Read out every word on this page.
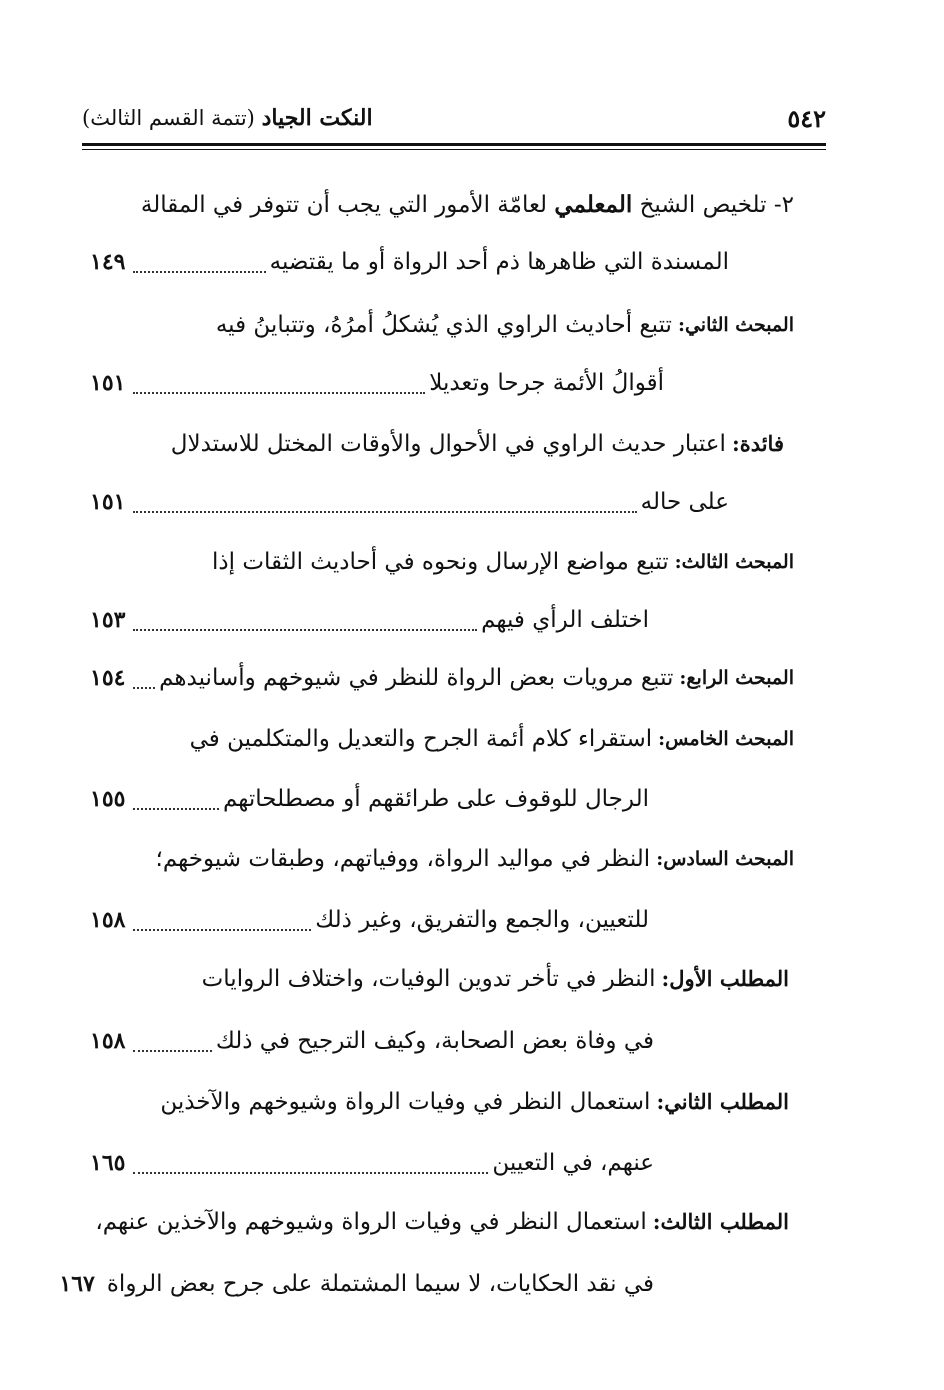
٥٤٢
النكت الجياد (تتمة القسم الثالث)
٢- تلخيص الشيخ

المعلمي

لعامّة الأمور التي يجب أن تتوفر في المقالة
المسندة التي ظاهرها ذم أحد الرواة أو ما يقتضيه
١٤٩
المبحث الثاني:
تتبع أحاديث الراوي الذي يُشكلُ أمرُهُ، وتتباينُ فيه
أقوالُ الأئمة جرحا وتعديلا
١٥١
فائدة:
اعتبار حديث الراوي في الأحوال والأوقات المختل للاستدلال
على حاله
١٥١
المبحث الثالث:
تتبع مواضع الإرسال ونحوه في أحاديث الثقات إذا
اختلف الرأي فيهم
١٥٣
المبحث الرابع:
تتبع مرويات بعض الرواة للنظر في شيوخهم وأسانيدهم
١٥٤
المبحث الخامس:
استقراء كلام أئمة الجرح والتعديل والمتكلمين في
الرجال للوقوف على طرائقهم أو مصطلحاتهم
١٥٥
المبحث السادس:
النظر في مواليد الرواة، ووفياتهم، وطبقات شيوخهم؛
للتعيين، والجمع والتفريق، وغير ذلك
١٥٨
المطلب الأول:
النظر في تأخر تدوين الوفيات، واختلاف الروايات
في وفاة بعض الصحابة، وكيف الترجيح في ذلك
١٥٨
المطلب الثاني:
استعمال النظر في وفيات الرواة وشيوخهم والآخذين
عنهم، في التعيين
١٦٥
المطلب الثالث:
استعمال النظر في وفيات الرواة وشيوخهم والآخذين عنهم،
في نقد الحكايات، لا سيما المشتملة على جرح بعض الرواة
١٦٧
